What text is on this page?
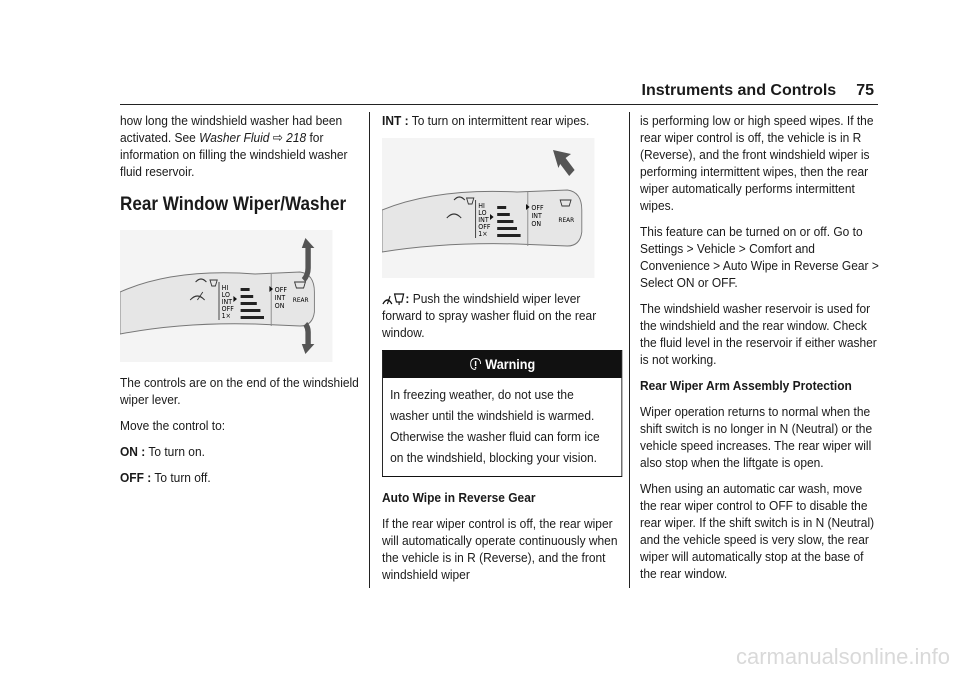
Instruments and Controls 75

how long the windshield washer had been activated. See Washer Fluid ⇨ 218 for information on filling the windshield washer fluid reservoir.

Rear Window Wiper/Washer
HI
LO
INT
OFF
1×
OFF
INT
ON
REAR

The controls are on the end of the windshield wiper lever.

Move the control to:

ON : To turn on.

OFF : To turn off.

INT : To turn on intermittent rear wipes.

HI
LO
INT
OFF
1×
OFF
INT
ON	REAR

: Push the windshield wiper lever forward to spray washer fluid on the rear window.

Warning
In freezing weather, do not use the washer until the windshield is warmed. Otherwise the washer fluid can form ice on the windshield, blocking your vision.
Auto Wipe in Reverse Gear

If the rear wiper control is off, the rear wiper will automatically operate continuously when the vehicle is in R (Reverse), and the front windshield wiper

is performing low or high speed wipes. If the rear wiper control is off, the vehicle is in R (Reverse), and the front windshield wiper is performing intermittent wipes, then the rear wiper automatically performs intermittent wipes.

This feature can be turned on or off. Go to Settings > Vehicle > Comfort and Convenience > Auto Wipe in Reverse Gear > Select ON or OFF.

The windshield washer reservoir is used for the windshield and the rear window. Check the fluid level in the reservoir if either washer is not working.

Rear Wiper Arm Assembly Protection

Wiper operation returns to normal when the shift switch is no longer in N (Neutral) or the vehicle speed increases. The rear wiper will also stop when the liftgate is open.

When using an automatic car wash, move the rear wiper control to OFF to disable the rear wiper. If the shift switch is in N (Neutral) and the vehicle speed is very slow, the rear wiper will automatically stop at the base of the rear window.

carmanualsonline.info
